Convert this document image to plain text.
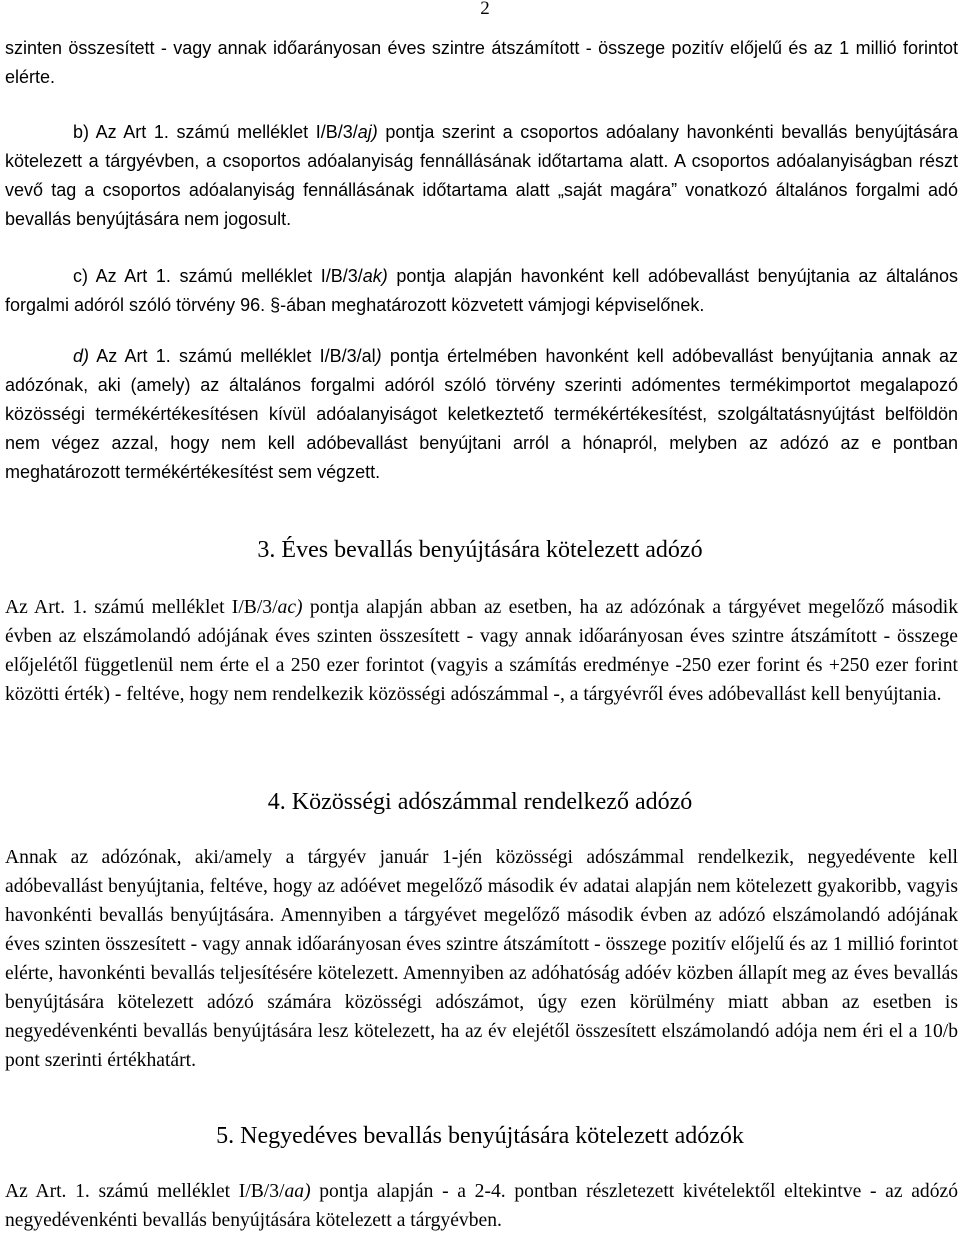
2

szinten összesített - vagy annak időarányosan éves szintre átszámított - összege pozitív előjelű és az 1 millió forintot elérte.

b) Az Art 1. számú melléklet I/B/3/aj) pontja szerint a csoportos adóalany havonkénti bevallás benyújtására kötelezett a tárgyévben, a csoportos adóalanyiság fennállásának időtartama alatt. A csoportos adóalanyiságban részt vevő tag a csoportos adóalanyiság fennállásának időtartama alatt „saját magára” vonatkozó általános forgalmi adó bevallás benyújtására nem jogosult.

c) Az Art 1. számú melléklet I/B/3/ak) pontja alapján havonként kell adóbevallást benyújtania az általános forgalmi adóról szóló törvény 96. §-ában meghatározott közvetett vámjogi képviselőnek.

d) Az Art 1. számú melléklet I/B/3/al) pontja értelmében havonként kell adóbevallást benyújtania annak az adózónak, aki (amely) az általános forgalmi adóról szóló törvény szerinti adómentes termékimportot megalapozó közösségi termékértékesítésen kívül adóalanyiságot keletkeztető termékértékesítést, szolgáltatásnyújtást belföldön nem végez azzal, hogy nem kell adóbevallást benyújtani arról a hónapról, melyben az adózó az e pontban meghatározott termékértékesítést sem végzett.

3. Éves bevallás benyújtására kötelezett adózó

Az Art. 1. számú melléklet I/B/3/ac) pontja alapján abban az esetben, ha az adózónak a tárgyévet megelőző második évben az elszámolandó adójának éves szinten összesített - vagy annak időarányosan éves szintre átszámított - összege előjelétől függetlenül nem érte el a 250 ezer forintot (vagyis a számítás eredménye -250 ezer forint és +250 ezer forint közötti érték) - feltéve, hogy nem rendelkezik közösségi adószámmal -, a tárgyévről éves adóbevallást kell benyújtania.

4. Közösségi adószámmal rendelkező adózó

Annak az adózónak, aki/amely a tárgyév január 1-jén közösségi adószámmal rendelkezik, negyedévente kell adóbevallást benyújtania, feltéve, hogy az adóévet megelőző második év adatai alapján nem kötelezett gyakoribb, vagyis havonkénti bevallás benyújtására. Amennyiben a tárgyévet megelőző második évben az adózó elszámolandó adójának éves szinten összesített - vagy annak időarányosan éves szintre átszámított - összege pozitív előjelű és az 1 millió forintot elérte, havonkénti bevallás teljesítésére kötelezett. Amennyiben az adóhatóság adóév közben állapít meg az éves bevallás benyújtására kötelezett adózó számára közösségi adószámot, úgy ezen körülmény miatt abban az esetben is negyedévenkénti bevallás benyújtására lesz kötelezett, ha az év elejétől összesített elszámolandó adója nem éri el a 10/b pont szerinti értékhatárt.

5. Negyedéves bevallás benyújtására kötelezett adózók

Az Art. 1. számú melléklet I/B/3/aa) pontja alapján - a 2-4. pontban részletezett kivételektől eltekintve - az adózó negyedévenkénti bevallás benyújtására kötelezett a tárgyévben.
